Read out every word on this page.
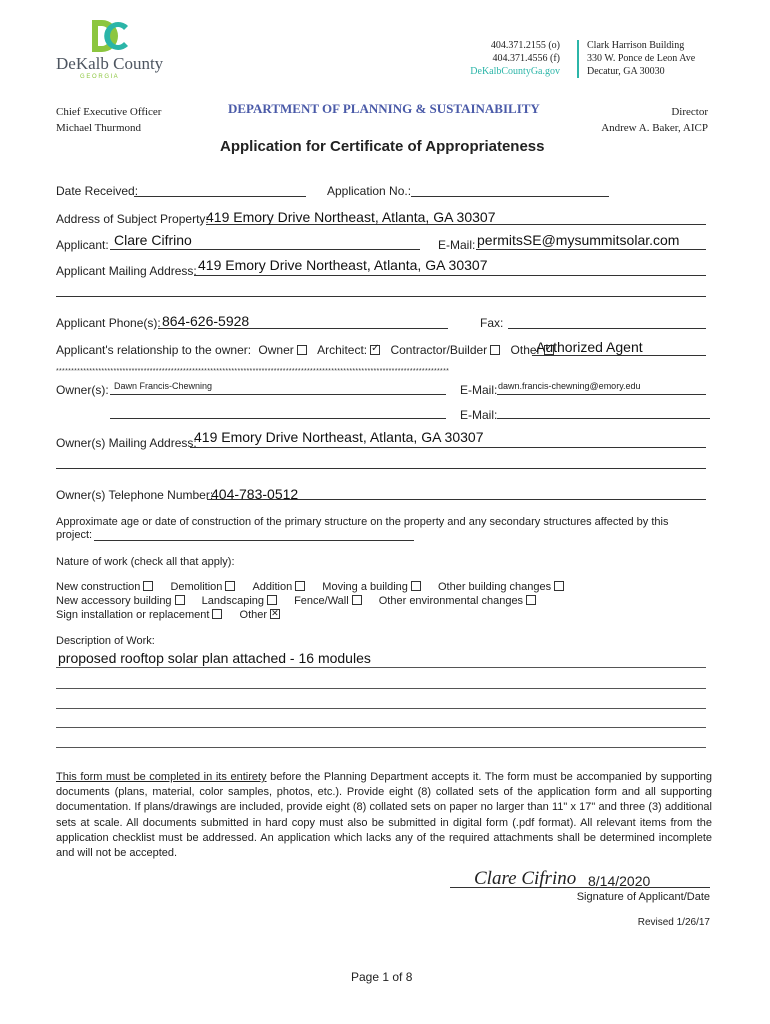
DeKalb County
G E O R G I A
404.371.2155 (o)
404.371.4556 (f)
DeKalbCountyGa.gov
Clark Harrison Building
330 W. Ponce de Leon Ave
Decatur, GA 30030
Chief Executive Officer
Michael Thurmond
DEPARTMENT OF PLANNING & SUSTAINABILITY	Director
Andrew A. Baker, AICP
Application for Certificate of Appropriateness
Date Received:	Application No.:
Address of Subject Property:
419 Emory Drive Northeast, Atlanta, GA 30307
Applicant: Clare Cifrino	E-Mail: permitsSE@mysummitsolar.com
Applicant Mailing Address: 419 Emory Drive Northeast, Atlanta, GA 30307
Applicant Phone(s): 864-626-5928	Fax:
Applicant's relationship to the owner: Owner Architect:✓ Contractor/Builder Other✓
Authorized Agent
**********************************************************************************************************************************
Owner(s): Dawn Francis-Chewning	E-Mail: dawn.francis-chewning@emory.edu
E-Mail:
Owner(s) Mailing Address:
419 Emory Drive Northeast, Atlanta, GA 30307
Owner(s) Telephone Number:
404-783-0512
Approximate age or date of construction of the primary structure on the property and any secondary structures affected by this
project:
Nature of work (check all that apply):
New construction	Demolition	Addition	Moving a building	Other building changes
New accessory building	Landscaping	Fence/Wall	Other environmental changes
Sign installation or replacement	Other✕
Description of Work:
proposed rooftop solar plan attached - 16 modules
This form must be completed in its entirety before the Planning Department accepts it. The form must be accompanied by supporting documents (plans, material, color samples, photos, etc.). Provide eight (8) collated sets of the application form and all supporting documentation. If plans/drawings are included, provide eight (8) collated sets on paper no larger than 11" x 17" and three (3) additional sets at scale. All documents submitted in hard copy must also be submitted in digital form (.pdf format). All relevant items from the application checklist must be addressed. An application which lacks any of the required attachments shall be determined incomplete and will not be accepted.
Clare Cifrino 8/14/2020
Signature of Applicant/Date
Revised 1/26/17
Page 1 of 8
